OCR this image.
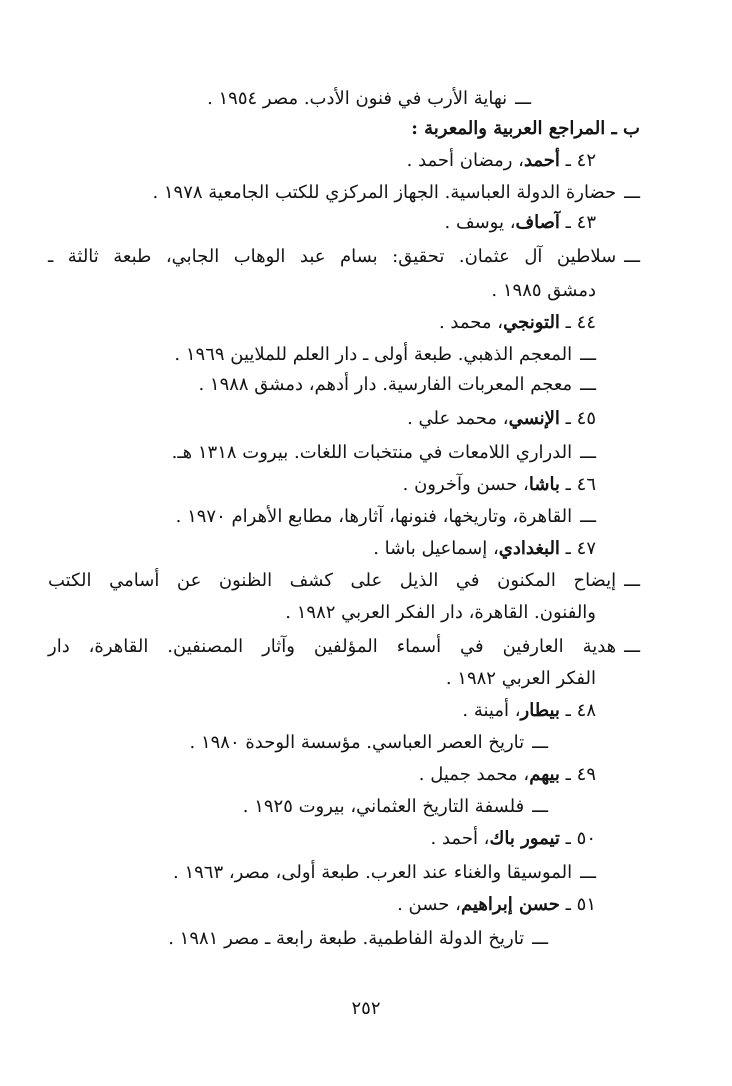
ـــنهاية الأرب في فنون الأدب. مصر ١٩٥٤ .
ب ـ المراجع العربية والمعربة :
٤٢ ـ أحمد، رمضان أحمد .
ـــحضارة الدولة العباسية. الجهاز المركزي للكتب الجامعية ١٩٧٨ .
٤٣ ـ آصاف، يوسف .
ـــسلاطين آل عثمان. تحقيق: بسام عبد الوهاب الجابي، طبعة ثالثة ـ
دمشق ١٩٨٥ .
٤٤ ـ التونجي، محمد .
ـــالمعجم الذهبي. طبعة أولى ـ دار العلم للملايين ١٩٦٩ .
ـــمعجم المعربات الفارسية. دار أدهم، دمشق ١٩٨٨ .
٤٥ ـ الإنسي، محمد علي .
ـــالدراري اللامعات في منتخبات اللغات. بيروت ١٣١٨ هـ.
٤٦ ـ باشا، حسن وآخرون .
ـــالقاهرة، وتاريخها، فنونها، آثارها، مطابع الأهرام ١٩٧٠ .
٤٧ ـ البغدادي، إسماعيل باشا .
ـــإيضاح المكنون في الذيل على كشف الظنون عن أسامي الكتب
والفنون. القاهرة، دار الفكر العربي ١٩٨٢ .
ـــهدية العارفين في أسماء المؤلفين وآثار المصنفين. القاهرة، دار
الفكر العربي ١٩٨٢ .
٤٨ ـ بيطار، أمينة .
ـــتاريخ العصر العباسي. مؤسسة الوحدة ١٩٨٠ .
٤٩ ـ بيهم، محمد جميل .
ـــفلسفة التاريخ العثماني، بيروت ١٩٢٥ .
٥٠ ـ تيمور باك، أحمد .
ـــالموسيقا والغناء عند العرب. طبعة أولى، مصر، ١٩٦٣ .
٥١ ـ حسن إبراهيم، حسن .
ـــتاريخ الدولة الفاطمية. طبعة رابعة ـ مصر ١٩٨١ .
٢٥٢
